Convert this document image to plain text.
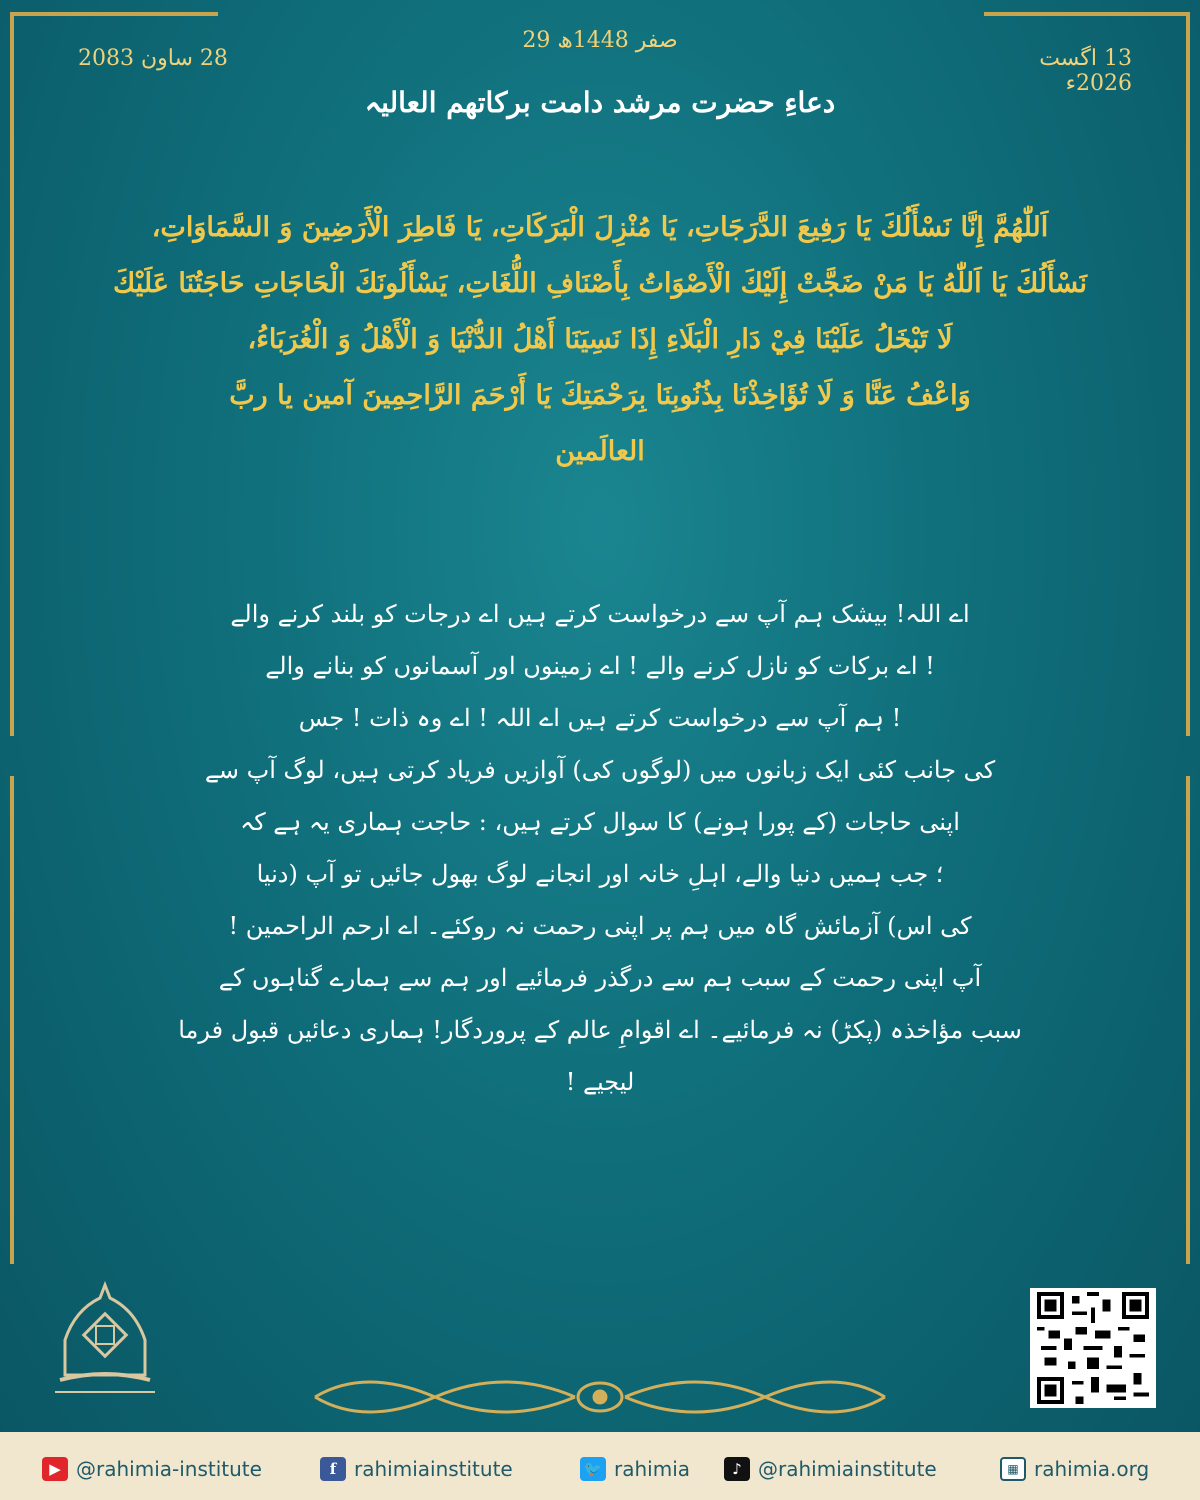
13 اگست 2026ء
29 صفر 1448ھ
28 ساون 2083
دعاءِ حضرت مرشد دامت برکاتھم العالیہ
اَللّٰهُمَّ إِنَّا نَسْأَلُكَ يَا رَفِيعَ الدَّرَجَاتِ، يَا مُنْزِلَ الْبَرَكَاتِ، يَا فَاطِرَ الْأَرَضِينَ وَ السَّمَاوَاتِ،
نَسْأَلُكَ يَا اَللّٰهُ يَا مَنْ ضَجَّتْ إِلَيْكَ الْأَصْوَاتُ بِأَصْنَافِ اللُّغَاتِ، يَسْأَلُونَكَ الْحَاجَاتِ حَاجَتُنَا عَلَيْكَ
لَا تَبْخَلُ عَلَيْنَا فِيْ دَارِ الْبَلَاءِ إِذَا نَسِيَنَا أَهْلُ الدُّنْيَا وَ الْأَهْلُ وَ الْغُرَبَاءُ،
وَاعْفُ عَنَّا وَ لَا تُؤَاخِذْنَا بِذُنُوبِنَا بِرَحْمَتِكَ يَا أَرْحَمَ الرَّاحِمِينَ آمين يا ربَّ
العالَمين
اے اللہ! بیشک ہم آپ سے درخواست کرتے ہیں اے درجات کو بلند کرنے والے
! اے برکات کو نازل کرنے والے ! اے زمینوں اور آسمانوں کو بنانے والے
! ہم آپ سے درخواست کرتے ہیں اے اللہ ! اے وہ ذات ! جس
کی جانب کئی ایک زبانوں میں (لوگوں کی) آوازیں فریاد کرتی ہیں، لوگ آپ سے
اپنی حاجات (کے پورا ہونے) کا سوال کرتے ہیں، : حاجت ہماری یہ ہے کہ
؛ جب ہمیں دنیا والے، اہلِ خانہ اور انجانے لوگ بھول جائیں تو آپ (دنیا
کی اس) آزمائش گاہ میں ہم پر اپنی رحمت نہ روکئے۔ اے ارحم الراحمین !
آپ اپنی رحمت کے سبب ہم سے درگذر فرمائیے اور ہم سے ہمارے گناہوں کے
سبب مؤاخذہ (پکڑ) نہ فرمائیے۔ اے اقوامِ عالم کے پروردگار! ہماری دعائیں قبول فرما
لیجیے !
▶ @rahimia-institute	f rahimiainstitute	🐦 rahimia	♪ @rahimiainstitute	▦ rahimia.org
